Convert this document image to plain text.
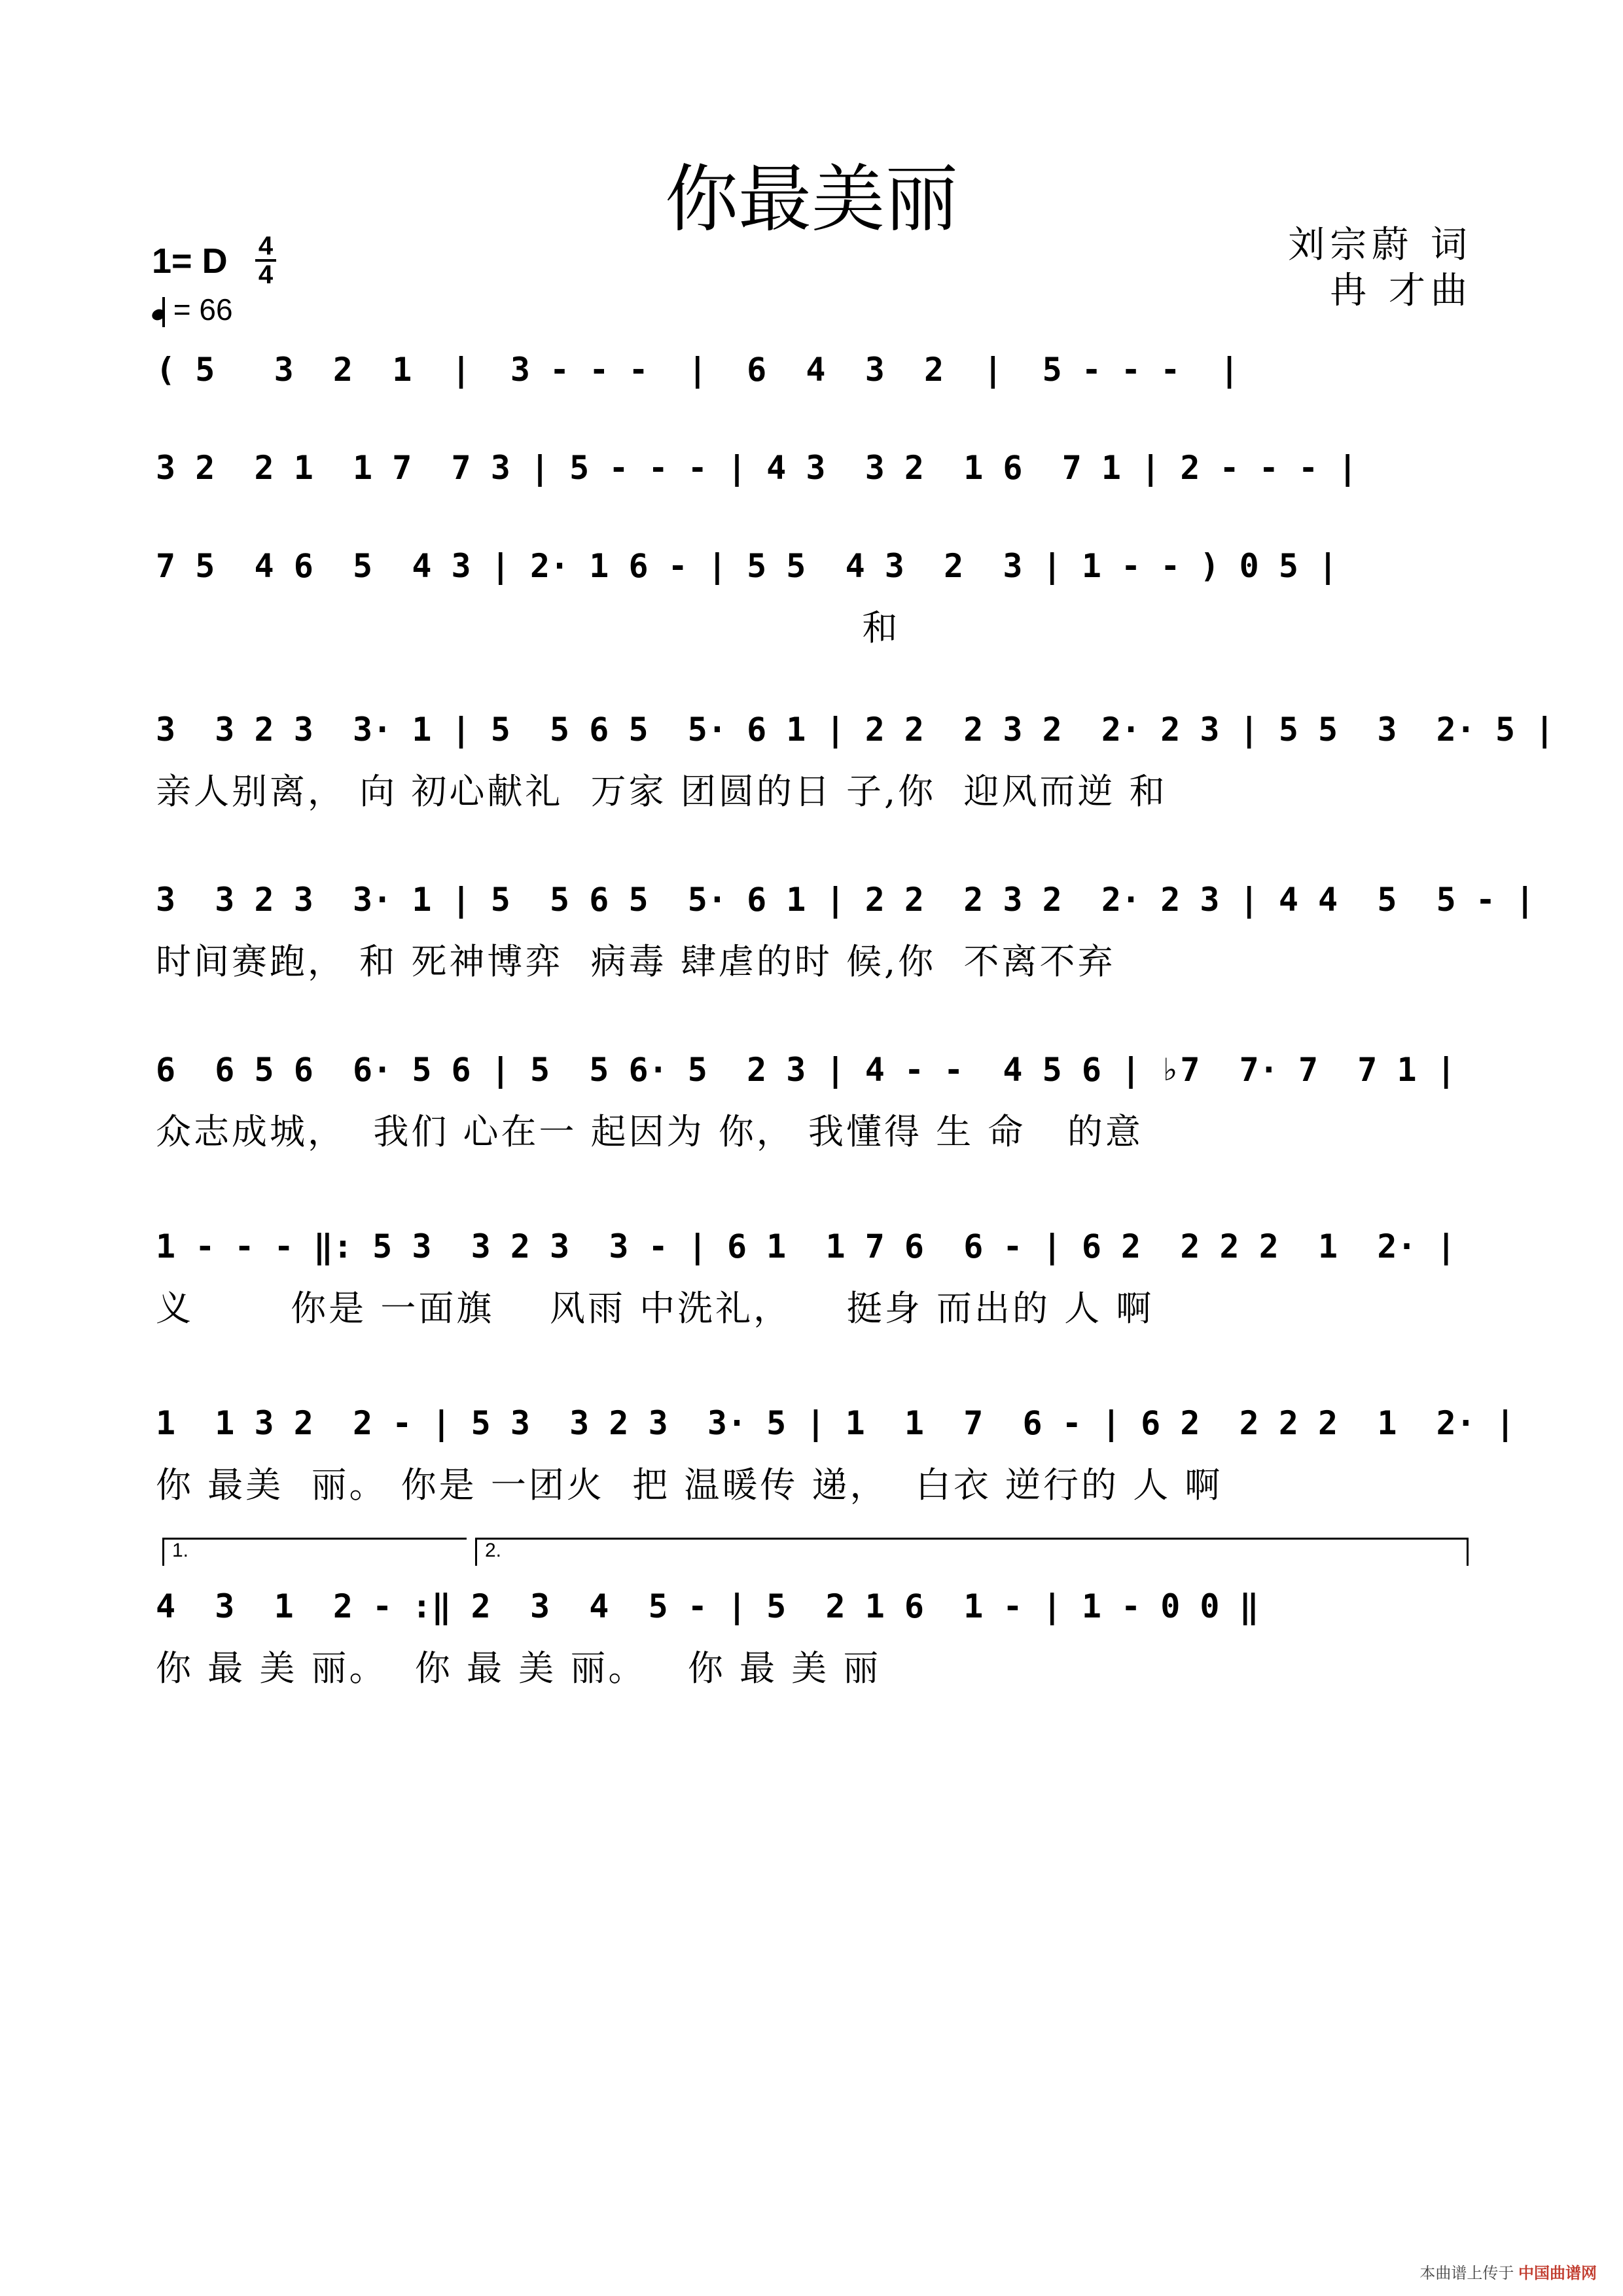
你最美丽
刘宗蔚 词
冉 才曲
1= D 4
4
= 66
( 5   3  2  1  |  3 - - -  |  6  4  3  2  |  5 - - -  |
3 2  2 1  1 7  7 3 | 5 - - - | 4 3  3 2  1 6  7 1 | 2 - - - |
7 5  4 6  5  4 3 | 2· 1 6 - | 5 5  4 3  2  3 | 1 - - ) 0 5 |
和
3  3 2 3  3· 1 | 5  5 6 5  5· 6 1 | 2 2  2 3 2  2· 2 3 | 5 5  3  2· 5 |
亲人别离， 向 初心献礼  万家 团圆的日 子,你  迎风而逆 和
3  3 2 3  3· 1 | 5  5 6 5  5· 6 1 | 2 2  2 3 2  2· 2 3 | 4 4  5  5 - |
时间赛跑， 和 死神博弈  病毒 肆虐的时 候,你  不离不弃
6  6 5 6  6· 5 6 | 5  5 6· 5  2 3 | 4 - -  4 5 6 | ♭7  7· 7  7 1 |
众志成城，  我们 心在一 起因为 你， 我懂得 生 命   的意
1 - - - ‖: 5 3  3 2 3  3 - | 6 1  1 7 6  6 - | 6 2  2 2 2  1  2· |
义       你是 一面旗    风雨 中洗礼，    挺身 而出的 人 啊
1  1 3 2  2 - | 5 3  3 2 3  3· 5 | 1  1  7  6 - | 6 2  2 2 2  1  2· |
你 最美  丽。 你是 一团火  把 温暖传 递，  白衣 逆行的 人 啊
1.	2.
4  3  1  2 - :‖ 2  3  4  5 - | 5  2 1 6  1 - | 1 - 0 0 ‖
你 最 美 丽。  你 最 美 丽。   你 最 美 丽
本曲谱上传于 中国曲谱网
